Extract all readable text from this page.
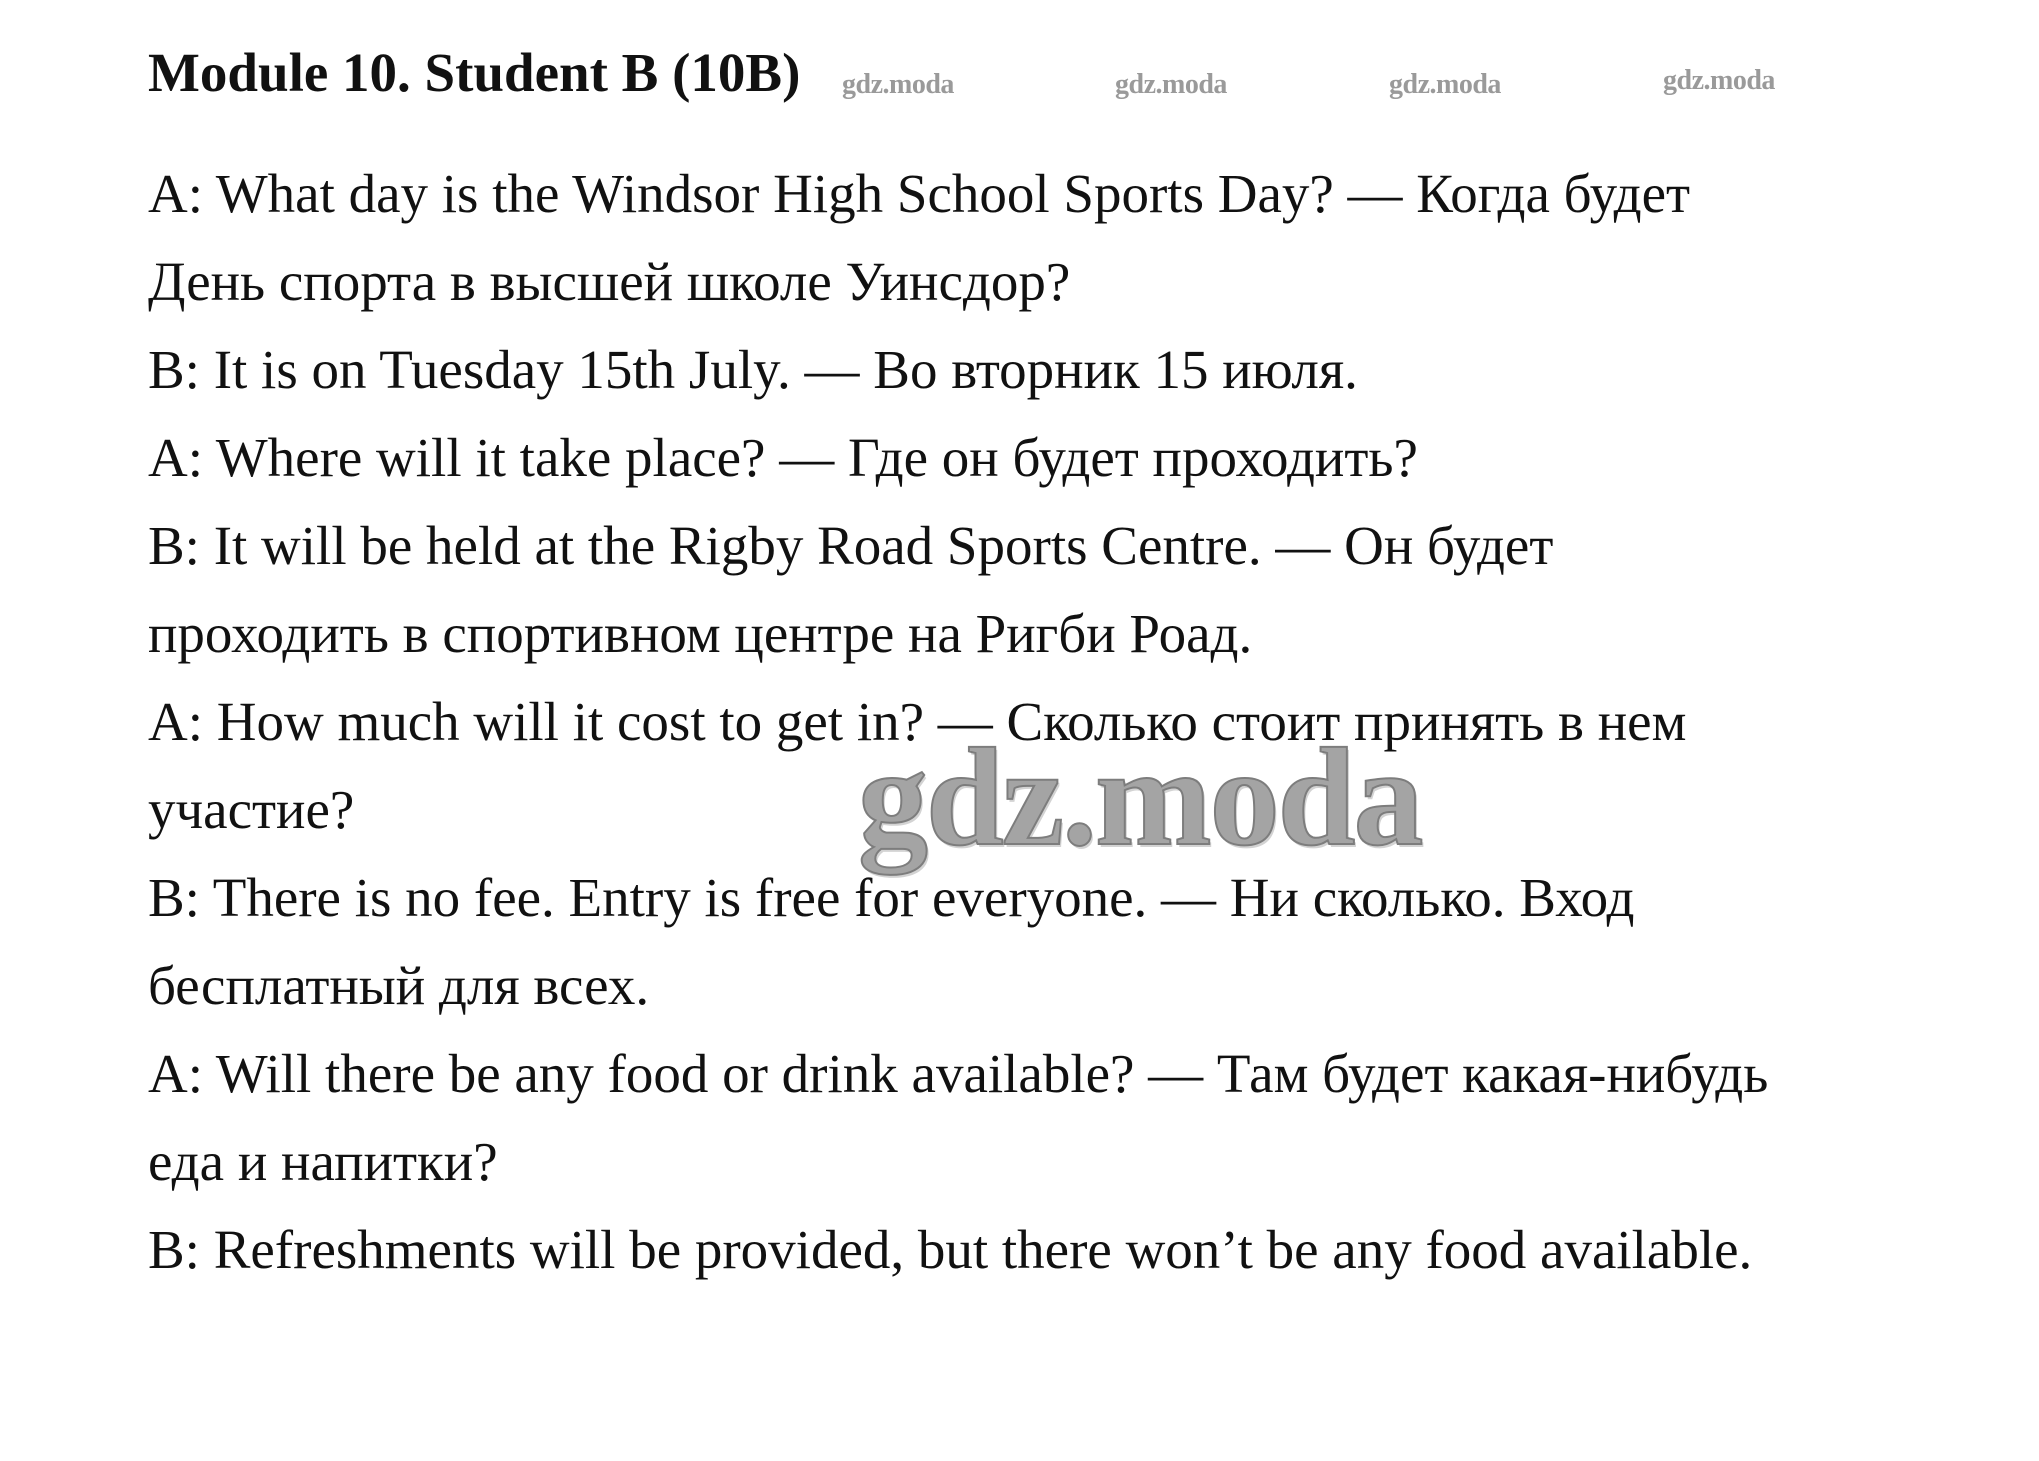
Module 10. Student B (10B) gdz.moda	gdz.moda	gdz.moda	gdz.moda
A: What day is the Windsor High School Sports Day? — Когда будет
День спорта в высшей школе Уинсдор?
B: It is on Tuesday 15th July. — Во вторник 15 июля.
A: Where will it take place? — Где он будет проходить?
B: It will be held at the Rigby Road Sports Centre. — Он будет
проходить в спортивном центре на Ригби Роад.
A: How much will it cost to get in? — Сколько стоит принять в нем
участие?
B: There is no fee. Entry is free for everyone. — Ни сколько. Вход
бесплатный для всех.
A: Will there be any food or drink available? — Там будет какая-нибудь
еда и напитки?
B: Refreshments will be provided, but there won’t be any food available.
gdz.moda
